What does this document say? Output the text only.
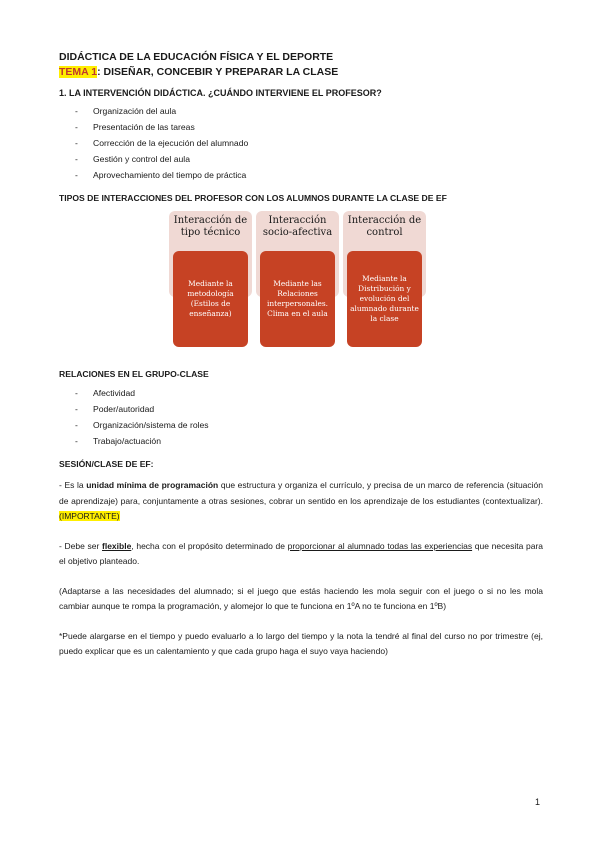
DIDÁCTICA DE LA EDUCACIÓN FÍSICA Y EL DEPORTE
TEMA 1: DISEÑAR, CONCEBIR Y PREPARAR LA CLASE
1. LA INTERVENCIÓN DIDÁCTICA. ¿CUÁNDO INTERVIENE EL PROFESOR?
- Organización del aula
- Presentación de las tareas
- Corrección de la ejecución del alumnado
- Gestión y control del aula
- Aprovechamiento del tiempo de práctica
TIPOS DE INTERACCIONES DEL PROFESOR CON LOS ALUMNOS DURANTE LA CLASE DE EF
Interacción de tipo técnico
Mediante la metodología (Estilos de enseñanza)
Interacción socio-afectiva
Mediante las Relaciones interpersonales. Clima en el aula
Interacción de control
Mediante la Distribución y evolución del alumnado durante la clase
RELACIONES EN EL GRUPO-CLASE
- Afectividad
- Poder/autoridad
- Organización/sistema de roles
- Trabajo/actuación
SESIÓN/CLASE DE EF:

- Es la unidad mínima de programación que estructura y organiza el currículo, y precisa de un marco de referencia (situación de aprendizaje) para, conjuntamente a otras sesiones, cobrar un sentido en los aprendizaje de los estudiantes (contextualizar). (IMPORTANTE)

- Debe ser flexible, hecha con el propósito determinado de proporcionar al alumnado todas las experiencias que necesita para el objetivo planteado.

(Adaptarse a las necesidades del alumnado; si el juego que estás haciendo les mola seguir con el juego o si no les mola cambiar aunque te rompa la programación, y alomejor lo que te funciona en 1ºA no te funciona en 1ºB)

*Puede alargarse en el tiempo y puedo evaluarlo a lo largo del tiempo y la nota la tendré al final del curso no por trimestre (ej, puedo explicar que es un calentamiento y que cada grupo haga el suyo vaya haciendo)

1
